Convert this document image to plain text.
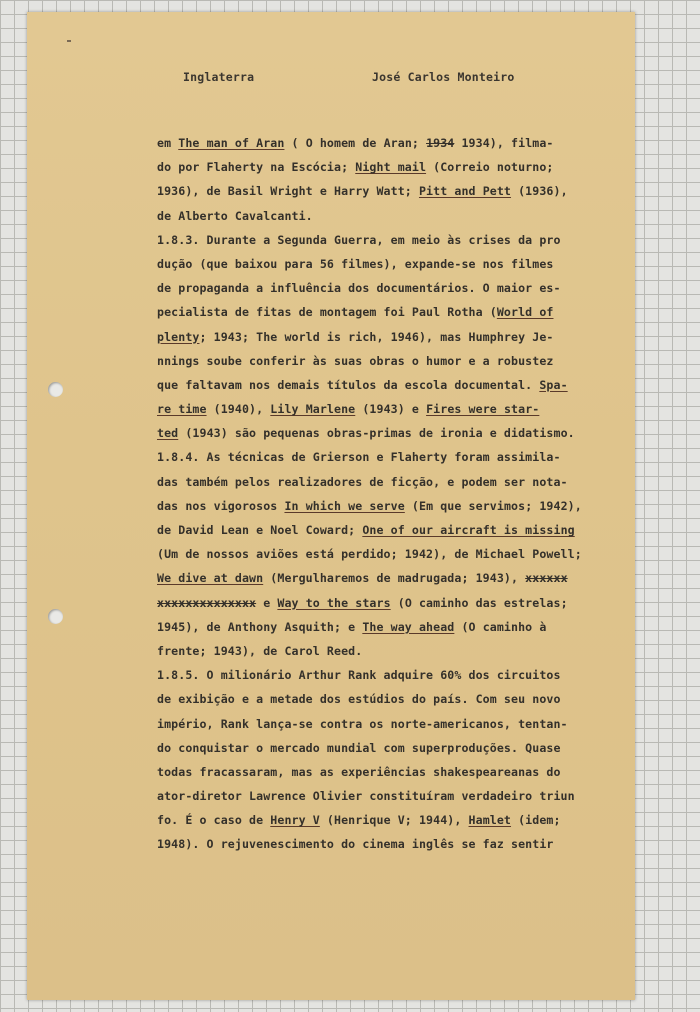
Inglaterra	José Carlos Monteiro
em The man of Aran ( O homem de Aran; 1934 1934), filma-
do por Flaherty na Escócia; Night mail (Correio noturno;
1936), de Basil Wright e Harry Watt; Pitt and Pett (1936),
de Alberto Cavalcanti.
1.8.3. Durante a Segunda Guerra, em meio às crises da pro
dução (que baixou para 56 filmes), expande-se nos filmes
de propaganda a influência dos documentários. O maior es-
pecialista de fitas de montagem foi Paul Rotha (World of
plenty; 1943; The world is rich, 1946), mas Humphrey Je-
nnings soube conferir às suas obras o humor e a robustez
que faltavam nos demais títulos da escola documental. Spa-
re time (1940), Lily Marlene (1943) e Fires were star-
ted (1943) são pequenas obras-primas de ironia e didatismo.
1.8.4. As técnicas de Grierson e Flaherty foram assimila-
das também pelos realizadores de ficção, e podem ser nota-
das nos vigorosos In which we serve (Em que servimos; 1942),
de David Lean e Noel Coward; One of our aircraft is missing
(Um de nossos aviões está perdido; 1942), de Michael Powell;
We dive at dawn (Mergulharemos de madrugada; 1943), xxxxxx
xxxxxxxxxxxxxx e Way to the stars (O caminho das estrelas;
1945), de Anthony Asquith; e The way ahead (O caminho à
frente; 1943), de Carol Reed.
1.8.5. O milionário Arthur Rank adquire 60% dos circuitos
de exibição e a metade dos estúdios do país. Com seu novo
império, Rank lança-se contra os norte-americanos, tentan-
do conquistar o mercado mundial com superproduções. Quase
todas fracassaram, mas as experiências shakespeareanas do
ator-diretor Lawrence Olivier constituíram verdadeiro triun
fo. É o caso de Henry V (Henrique V; 1944), Hamlet (idem;
1948). O rejuvenescimento do cinema inglês se faz sentir
